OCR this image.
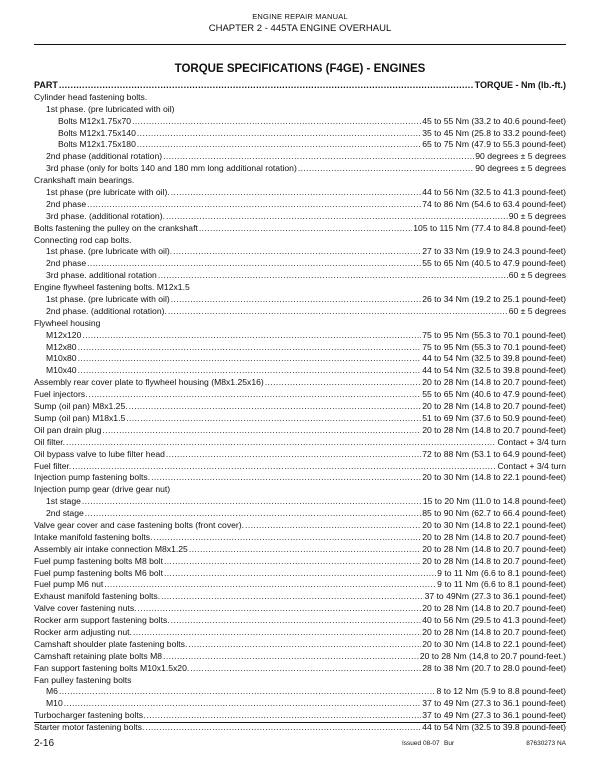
ENGINE REPAIR MANUAL
CHAPTER 2 - 445TA ENGINE OVERHAUL
TORQUE SPECIFICATIONS (F4GE) - ENGINES
PART .....	TORQUE - Nm (lb.-ft.)
Cylinder head fastening bolts.
1st phase. (pre lubricated with oil)
Bolts M12x1.75x70 .....	45 to 55 Nm (33.2 to 40.6 pound-feet)
Bolts M12x1.75x140 .....	35 to 45 Nm (25.8 to 33.2 pound-feet)
Bolts M12x1.75x180 .....	65 to 75 Nm (47.9 to 55.3 pound-feet)
2nd phase (additional rotation) .....	90 degrees ± 5 degrees
3rd phase (only for bolts 140 and 180 mm long additional rotation) .....	90 degrees ± 5 degrees
Crankshaft main bearings.
1st phase (pre lubricate with oil). .....	44 to 56 Nm (32.5 to 41.3 pound-feet)
2nd phase .....	74 to 86 Nm (54.6 to 63.4 pound-feet)
3rd phase. (additional rotation). .....	90 ± 5 degrees
Bolts fastening the pulley on the crankshaft .....	105 to 115 Nm (77.4 to 84.8 pound-feet)
Connecting rod cap bolts.
1st phase. (pre lubricate with oil). .....	27 to 33 Nm (19.9 to 24.3 pound-feet)
2nd phase .....	55 to 65 Nm (40.5 to 47.9 pound-feet)
3rd phase. additional rotation .....	60 ± 5 degrees
Engine flywheel fastening bolts. M12x1.5
1st phase. (pre lubricate with oil) .....	26 to 34 Nm (19.2 to 25.1 pound-feet)
2nd phase. (additional rotation). .....	60 ± 5 degrees
Flywheel housing
M12x120 .....	75 to 95 Nm (55.3 to 70.1 pound-feet)
M12x80 .....	75 to 95 Nm (55.3 to 70.1 pound-feet)
M10x80 .....	44 to 54 Nm (32.5 to 39.8 pound-feet)
M10x40 .....	44 to 54 Nm (32.5 to 39.8 pound-feet)
Assembly rear cover plate to flywheel housing (M8x1.25x16) .....	20 to 28 Nm (14.8 to 20.7 pound-feet)
Fuel injectors. .....	55 to 65 Nm (40.6 to 47.9 pound-feet)
Sump (oil pan) M8x1.25. .....	20 to 28 Nm (14.8 to 20.7 pound-feet)
Sump (oil pan) M18x1.5 .....	51 to 69 Nm (37.6 to 50.9 pound-feet)
Oil pan drain plug .....	20 to 28 Nm (14.8 to 20.7 pound-feet)
Oil filter. .....	Contact + 3/4 turn
Oil bypass valve to lube filter head .....	72 to 88 Nm (53.1 to 64.9 pound-feet)
Fuel filter. .....	Contact + 3/4 turn
Injection pump fastening bolts. .....	20 to 30 Nm (14.8 to 22.1 pound-feet)
Injection pump gear (drive gear nut)
1st stage .....	15 to 20 Nm (11.0 to 14.8 pound-feet)
2nd stage .....	85 to 90 Nm (62.7 to 66.4 pound-feet)
Valve gear cover and case fastening bolts (front cover). .....	20 to 30 Nm (14.8 to 22.1 pound-feet)
Intake manifold fastening bolts. .....	20 to 28 Nm (14.8 to 20.7 pound-feet)
Assembly air intake connection M8x1.25 .....	20 to 28 Nm (14.8 to 20.7 pound-feet)
Fuel pump fastening bolts M8 bolt .....	20 to 28 Nm (14.8 to 20.7 pound-feet)
Fuel pump fastening bolts M6 bolt .....	9 to 11 Nm (6.6 to 8.1 pound-feet)
Fuel pump M6 nut .....	9 to 11 Nm (6.6 to 8.1 pound-feet)
Exhaust manifold fastening bolts. .....	37 to 49Nm (27.3 to 36.1 pound-feet)
Valve cover fastening nuts. .....	20 to 28 Nm (14.8 to 20.7 pound-feet)
Rocker arm support fastening bolts. .....	40 to 56 Nm (29.5 to 41.3 pound-feet)
Rocker arm adjusting nut. .....	20 to 28 Nm (14.8 to 20.7 pound-feet)
Camshaft shoulder plate fastening bolts. .....	20 to 30 Nm (14.8 to 22.1 pound-feet)
Camshaft retaining plate bolts M8 .....	20 to 28 Nm (14,8 to 20.7 pound-feet.)
Fan support fastening bolts M10x1.5x20. .....	28 to 38 Nm (20.7 to 28.0 pound-feet)
Fan pulley fastening bolts
M6 .....	8 to 12 Nm (5.9 to 8.8 pound-feet)
M10 .....	37 to 49 Nm (27.3 to 36.1 pound-feet)
Turbocharger fastening bolts. .....	37 to 49 Nm (27.3 to 36.1 pound-feet)
Starter motor fastening bolts. .....	44 to 54 Nm (32.5 to 39.8 pound-feet)
2-16	Issued 08-07 Bur	87630273 NA
